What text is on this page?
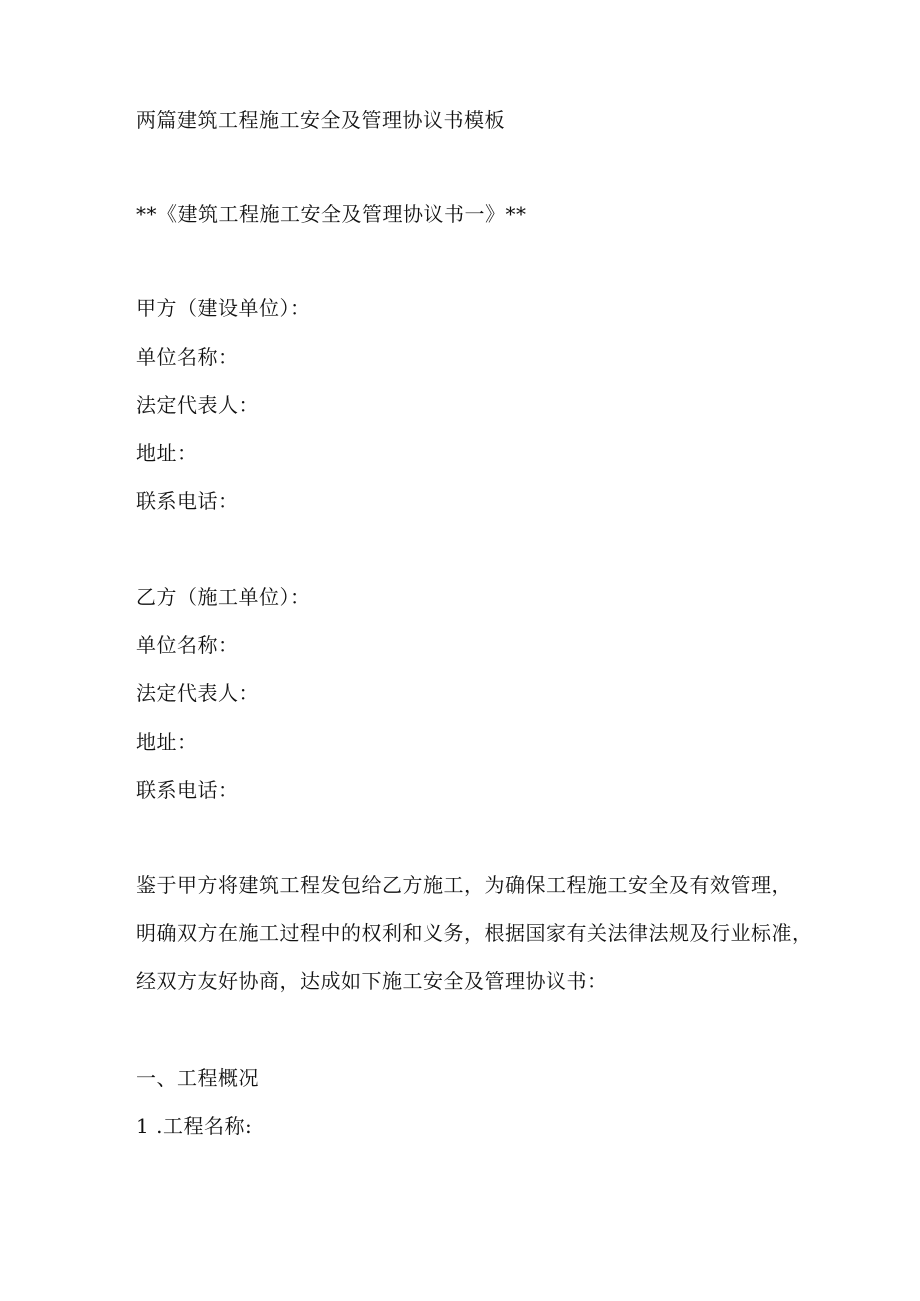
两篇建筑工程施工安全及管理协议书模板
**《建筑工程施工安全及管理协议书一》**
甲方（建设单位）：
单位名称：
法定代表人：
地址：
联系电话：
乙方（施工单位）：
单位名称：
法定代表人：
地址：
联系电话：
鉴于甲方将建筑工程发包给乙方施工，为确保工程施工安全及有效管理，
明确双方在施工过程中的权利和义务，根据国家有关法律法规及行业标准，
经双方友好协商，达成如下施工安全及管理协议书：
一、工程概况
1 .工程名称:
